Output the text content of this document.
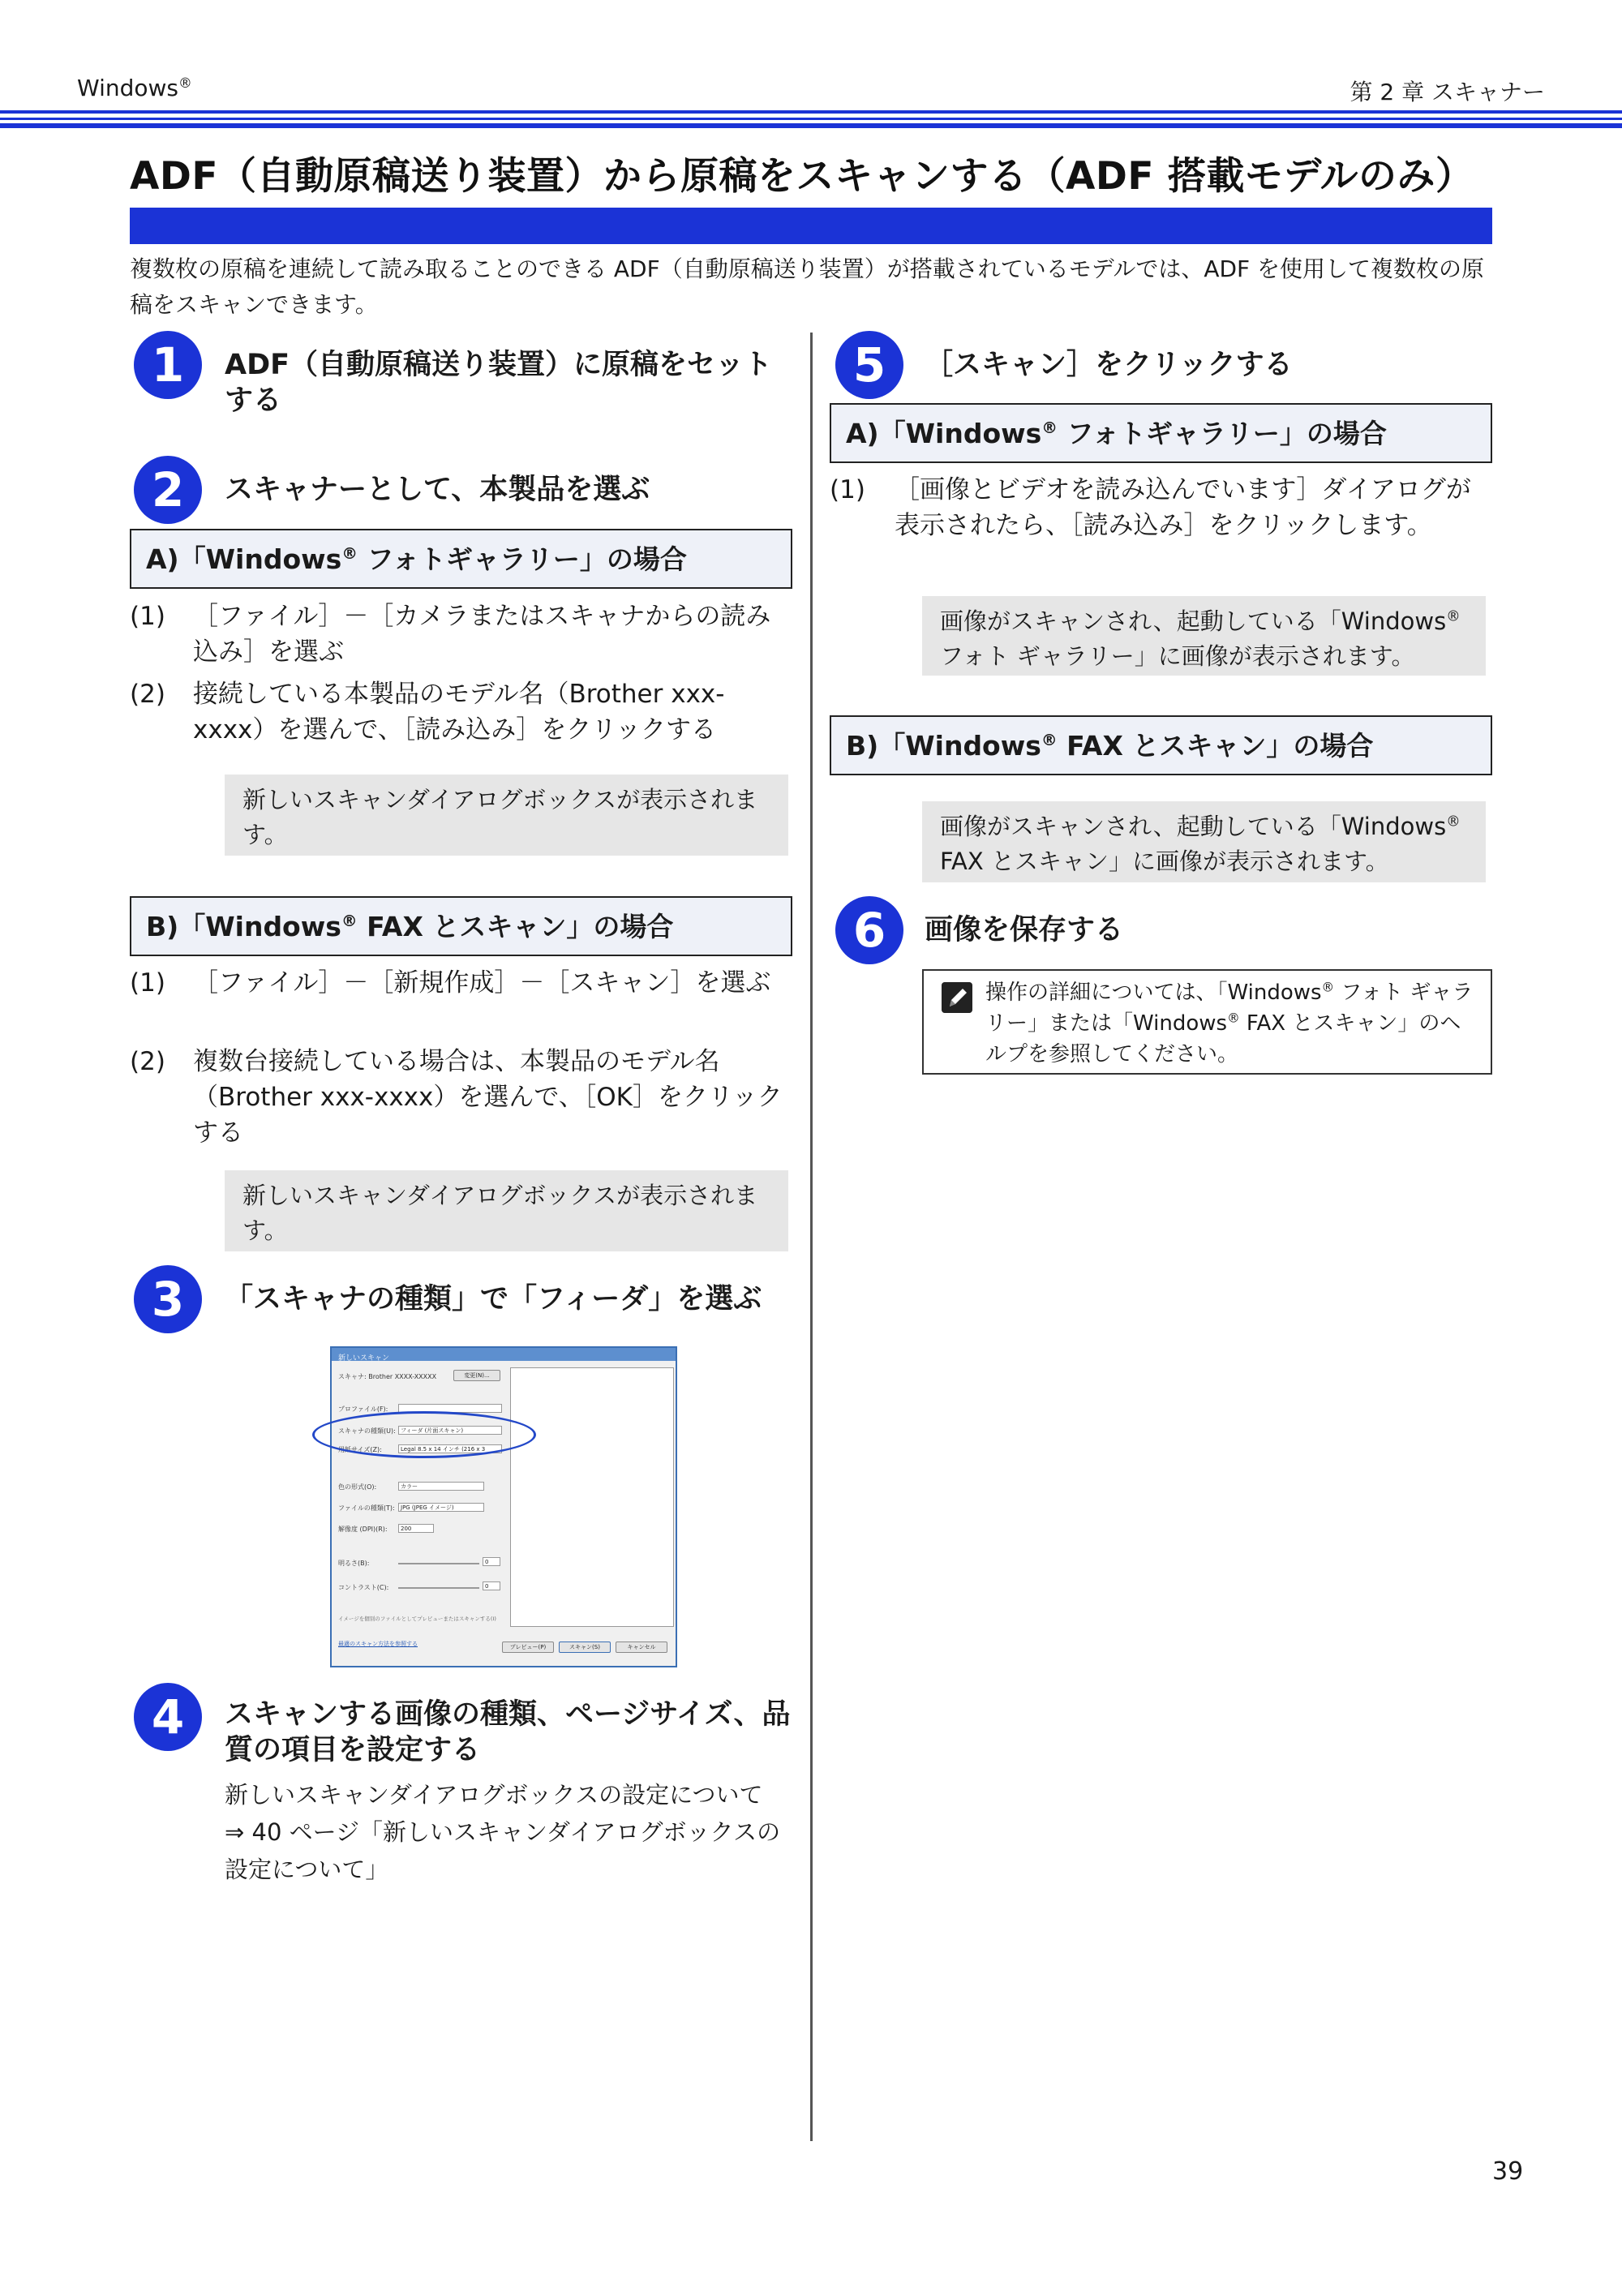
Windows®	第 2 章 スキャナー
ADF（自動原稿送り装置）から原稿をスキャンする（ADF 搭載モデルのみ）
複数枚の原稿を連続して読み取ることのできる ADF（自動原稿送り装置）が搭載されているモデルでは、ADF を使用して複数枚の原稿をスキャンできます。
1	ADF（自動原稿送り装置）に原稿をセットする
2	スキャナーとして、本製品を選ぶ
A)「Windows® フォトギャラリー」の場合
(1) ［ファイル］－［カメラまたはスキャナからの読み込み］を選ぶ
(2) 接続している本製品のモデル名（Brother xxx-xxxx）を選んで、［読み込み］をクリックする
新しいスキャンダイアログボックスが表示されます。
B)「Windows® FAX とスキャン」の場合
(1) ［ファイル］－［新規作成］－［スキャン］を選ぶ
(2) 複数台接続している場合は、本製品のモデル名（Brother xxx-xxxx）を選んで、［OK］をクリックする
新しいスキャンダイアログボックスが表示されます。
3	「スキャナの種類」で「フィーダ」を選ぶ
新しいスキャン
スキャナ: Brother XXXX-XXXXX	変更(N)...
プロファイル(F):
スキャナの種類(U): フィーダ (片面スキャン)
用紙サイズ(Z):	Legal 8.5 x 14 インチ (216 x 3
色の形式(O):	カラー
ファイルの種類(T):	JPG (JPEG イメージ)
解像度 (DPI)(R):	200
明るさ(B):	0
コントラスト(C):	0
イメージを個別のファイルとしてプレビューまたはスキャンする(I)
最適のスキャン方法を参照する	プレビュー(P)	スキャン(S)	キャンセル
4	スキャンする画像の種類、ページサイズ、品質の項目を設定する
新しいスキャンダイアログボックスの設定について
⇒ 40 ページ「新しいスキャンダイアログボックスの設定について」
5	［スキャン］をクリックする
A)「Windows® フォトギャラリー」の場合
(1) ［画像とビデオを読み込んでいます］ダイアログが表示されたら、［読み込み］をクリックします。
画像がスキャンされ、起動している「Windows® フォト ギャラリー」に画像が表示されます。
B)「Windows® FAX とスキャン」の場合
画像がスキャンされ、起動している「Windows® FAX とスキャン」に画像が表示されます。
6	画像を保存する
操作の詳細については、「Windows® フォト ギャラリー」または「Windows® FAX とスキャン」のヘルプを参照してください。
39
